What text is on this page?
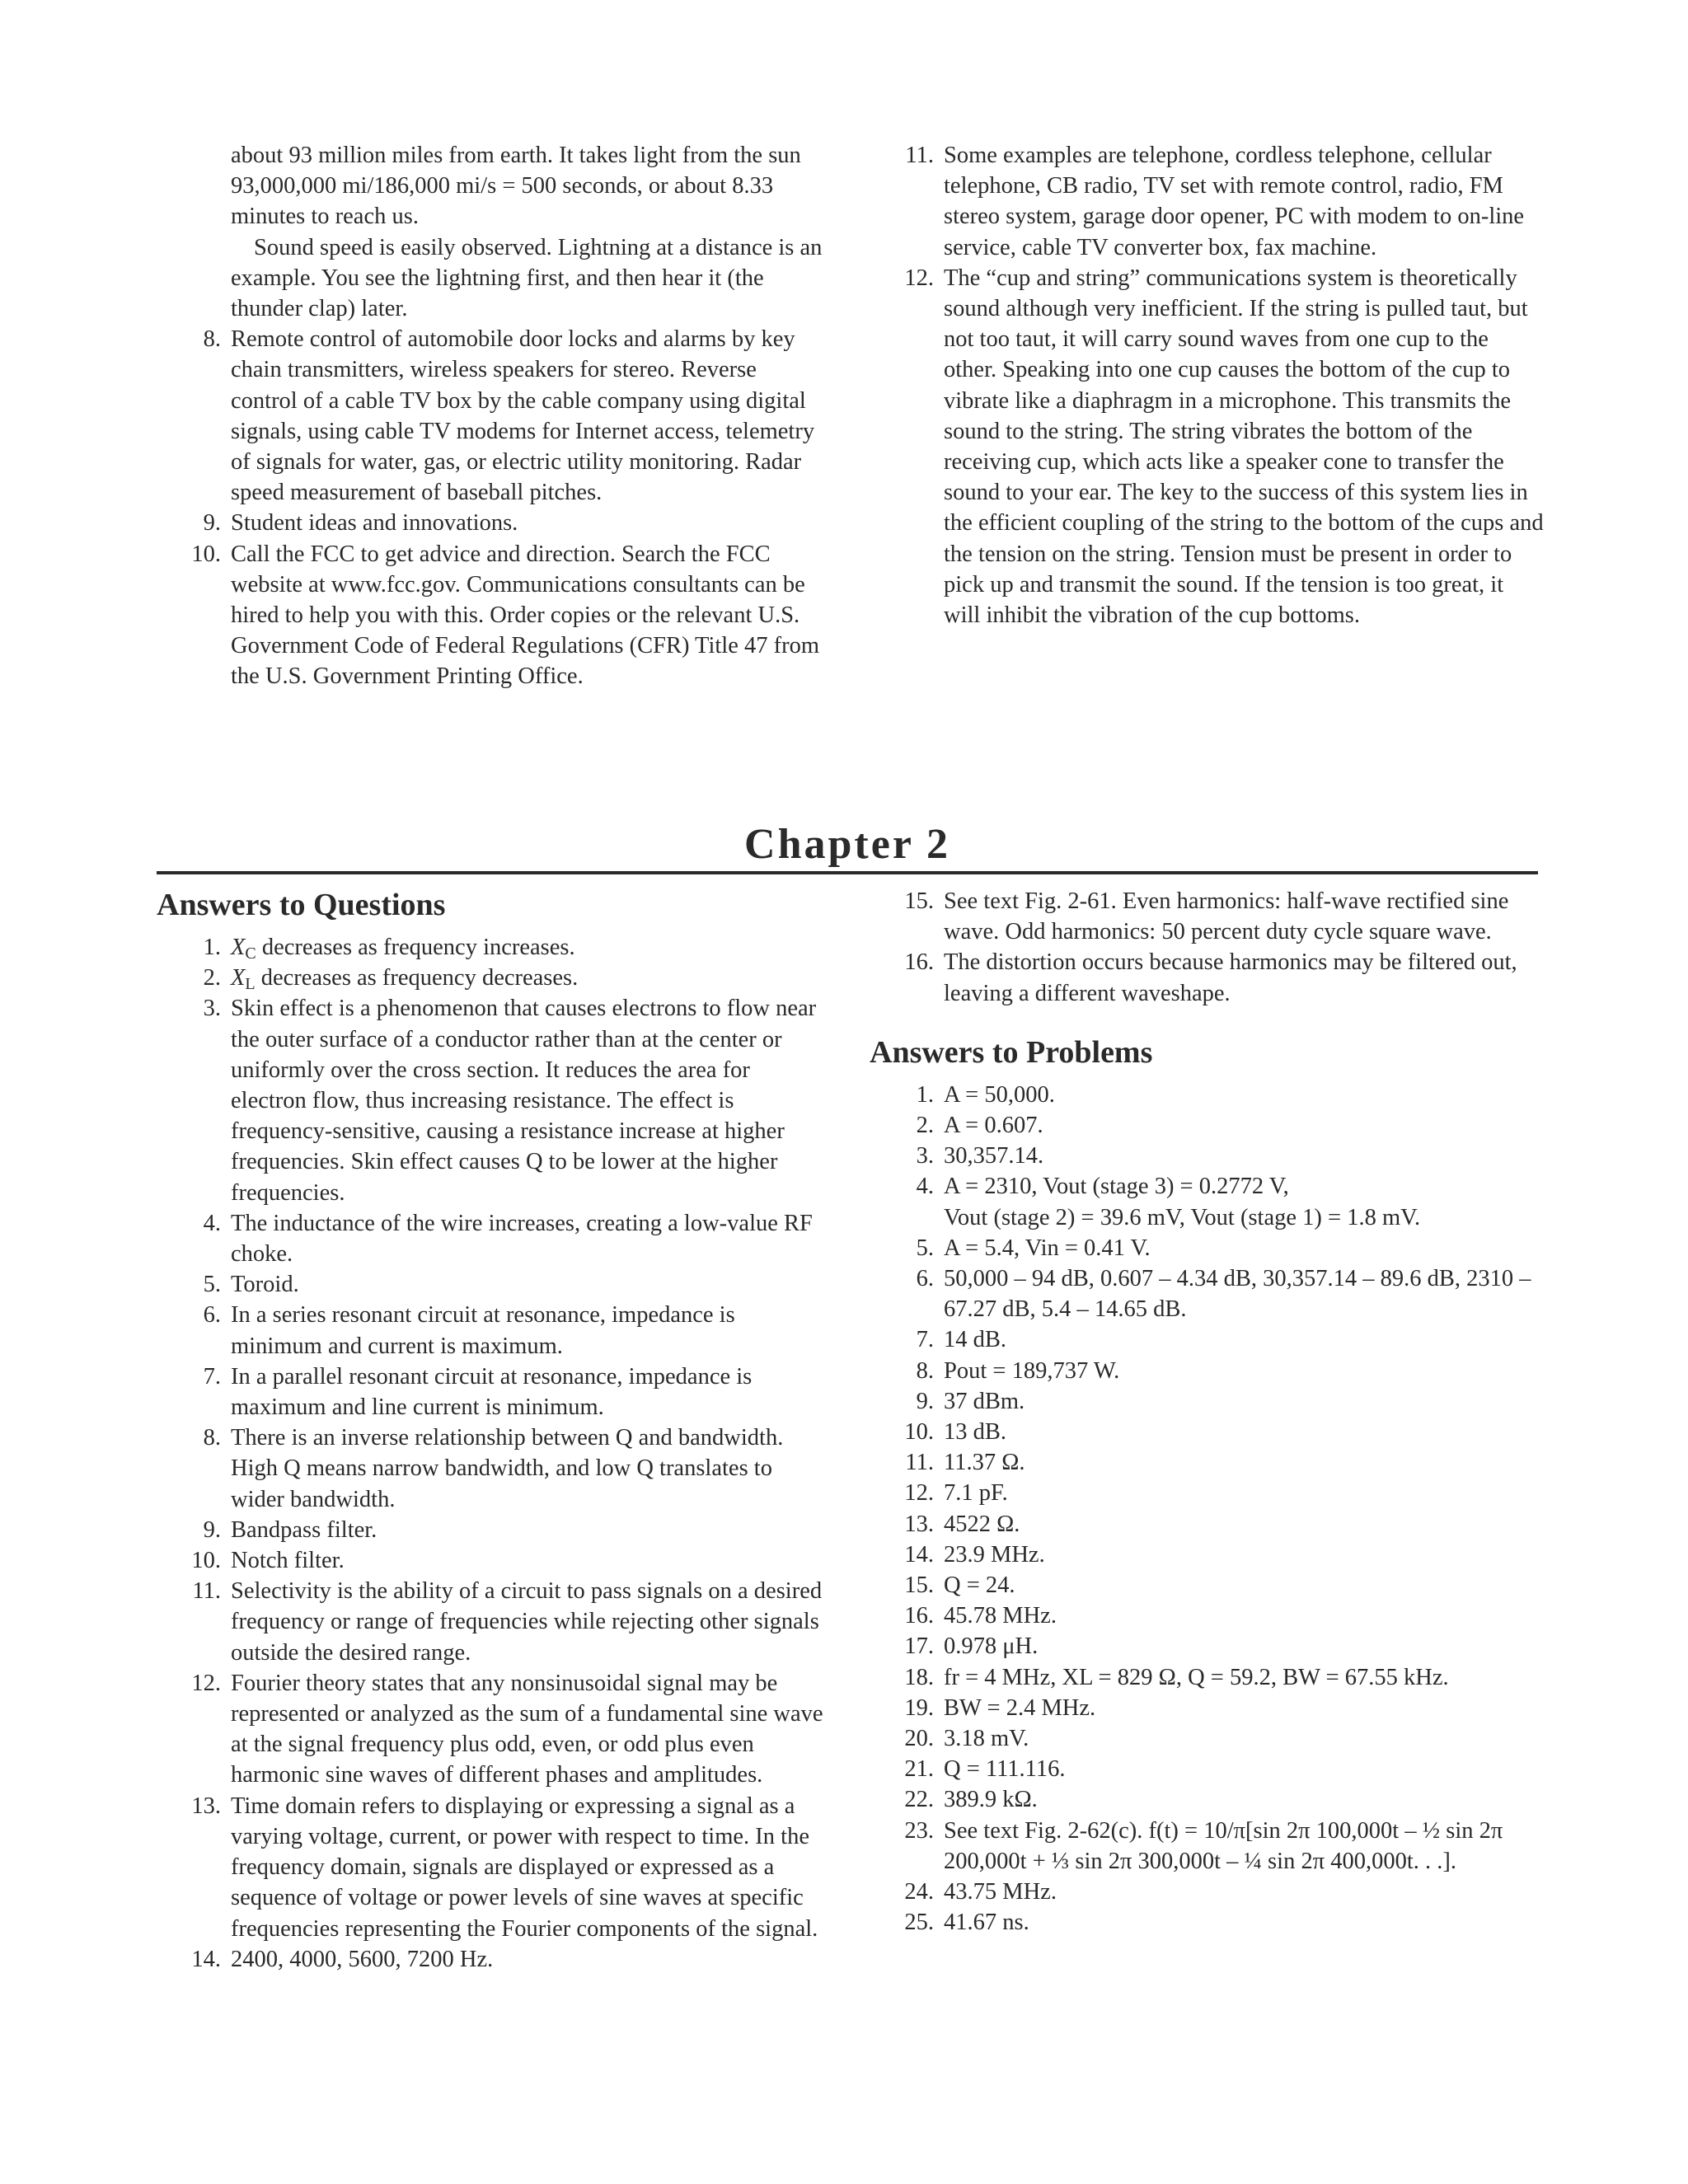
about 93 million miles from earth. It takes light from the sun 93,000,000 mi/186,000 mi/s = 500 seconds, or about 8.33 minutes to reach us.

Sound speed is easily observed. Lightning at a distance is an example. You see the lightning first, and then hear it (the thunder clap) later.

8. Remote control of automobile door locks and alarms by key chain transmitters, wireless speakers for stereo. Reverse control of a cable TV box by the cable company using digital signals, using cable TV modems for Internet access, telemetry of signals for water, gas, or electric utility monitoring. Radar speed measurement of baseball pitches.
9. Student ideas and innovations.
10. Call the FCC to get advice and direction. Search the FCC website at www.fcc.gov. Communications consultants can be hired to help you with this. Order copies or the relevant U.S. Government Code of Federal Regulations (CFR) Title 47 from the U.S. Government Printing Office.
11. Some examples are telephone, cordless telephone, cellular telephone, CB radio, TV set with remote control, radio, FM stereo system, garage door opener, PC with modem to on-line service, cable TV converter box, fax machine.
12. The “cup and string” communications system is theoretically sound although very inefficient. If the string is pulled taut, but not too taut, it will carry sound waves from one cup to the other. Speaking into one cup causes the bottom of the cup to vibrate like a diaphragm in a microphone. This transmits the sound to the string. The string vibrates the bottom of the receiving cup, which acts like a speaker cone to transfer the sound to your ear. The key to the success of this system lies in the efficient coupling of the string to the bottom of the cups and the tension on the string. Tension must be present in order to pick up and transmit the sound. If the tension is too great, it will inhibit the vibration of the cup bottoms.
Chapter 2
Answers to Questions
1. $X_C$ decreases as frequency increases.
2. $X_L$ decreases as frequency decreases.
3. Skin effect is a phenomenon that causes electrons to flow near the outer surface of a conductor rather than at the center or uniformly over the cross section. It reduces the area for electron flow, thus increasing resistance. The effect is frequency-sensitive, causing a resistance increase at higher frequencies. Skin effect causes Q to be lower at the higher frequencies.
4. The inductance of the wire increases, creating a low-value RF choke.
5. Toroid.
6. In a series resonant circuit at resonance, impedance is minimum and current is maximum.
7. In a parallel resonant circuit at resonance, impedance is maximum and line current is minimum.
8. There is an inverse relationship between Q and bandwidth. High Q means narrow bandwidth, and low Q translates to wider bandwidth.
9. Bandpass filter.
10. Notch filter.
11. Selectivity is the ability of a circuit to pass signals on a desired frequency or range of frequencies while rejecting other signals outside the desired range.
12. Fourier theory states that any nonsinusoidal signal may be represented or analyzed as the sum of a fundamental sine wave at the signal frequency plus odd, even, or odd plus even harmonic sine waves of different phases and amplitudes.
13. Time domain refers to displaying or expressing a signal as a varying voltage, current, or power with respect to time. In the frequency domain, signals are displayed or expressed as a sequence of voltage or power levels of sine waves at specific frequencies representing the Fourier components of the signal.
14. 2400, 4000, 5600, 7200 Hz.
15. See text Fig. 2-61. Even harmonics: half-wave rectified sine wave. Odd harmonics: 50 percent duty cycle square wave.
16. The distortion occurs because harmonics may be filtered out, leaving a different waveshape.
Answers to Problems
1. A = 50,000.
2. A = 0.607.
3. 30,357.14.
4. A = 2310, Vout (stage 3) = 0.2772 V,
Vout (stage 2) = 39.6 mV, Vout (stage 1) = 1.8 mV.
5. A = 5.4, Vin = 0.41 V.
6. 50,000 – 94 dB, 0.607 – 4.34 dB, 30,357.14 – 89.6 dB, 2310 – 67.27 dB, 5.4 – 14.65 dB.
7. 14 dB.
8. Pout = 189,737 W.
9. 37 dBm.
10. 13 dB.
11. 11.37 Ω.
12. 7.1 pF.
13. 4522 Ω.
14. 23.9 MHz.
15. Q = 24.
16. 45.78 MHz.
17. 0.978 μH.
18. fr = 4 MHz, XL = 829 Ω, Q = 59.2, BW = 67.55 kHz.
19. BW = 2.4 MHz.
20. 3.18 mV.
21. Q = 111.116.
22. 389.9 kΩ.
23. See text Fig. 2-62(c). f(t) = 10/π[sin 2π 100,000t – ½ sin 2π 200,000t + ⅓ sin 2π 300,000t – ¼ sin 2π 400,000t. . .].
24. 43.75 MHz.
25. 41.67 ns.
